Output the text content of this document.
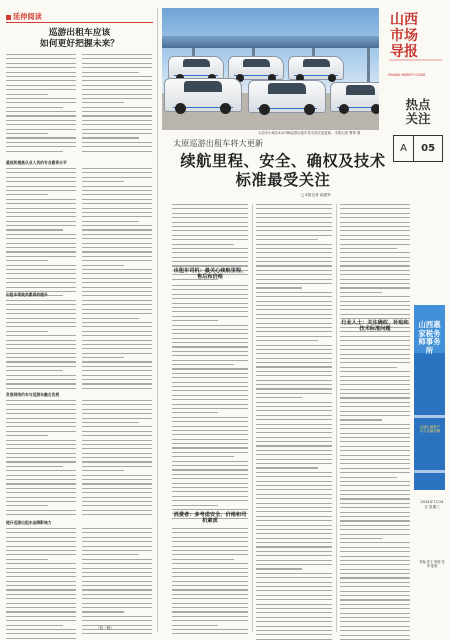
延伸阅读
巡游出租车应该
如何更好把握未来？
重视和提高从业人员的专业素养水平
出租车驾驶员素质的提升
发展网络约车与巡游车融合发展
提升巡游出租车品牌影响力
（转一版）
太原市小域区4207辆巡游出租车将全部完成更新。本报记者 曹钟 摄
山西
市场
导报
SHANXI MARKET GUIDE
热点关注
A	05
太原巡游出租车将大更新
续航里程、安全、确权及技术标准最受关注
□本报记者 阎建军
出租车司机：最关心续航里程、售后和价格
消费者：多考虑安全、价格和司机素质
行业人士：关注确权、补贴和技术标准问题
山西惠家税务师事务所
以诚心赢客户 以专业赢信赖
2024年7月24日 星期三
责编 张王 审校 张李 夏燕
